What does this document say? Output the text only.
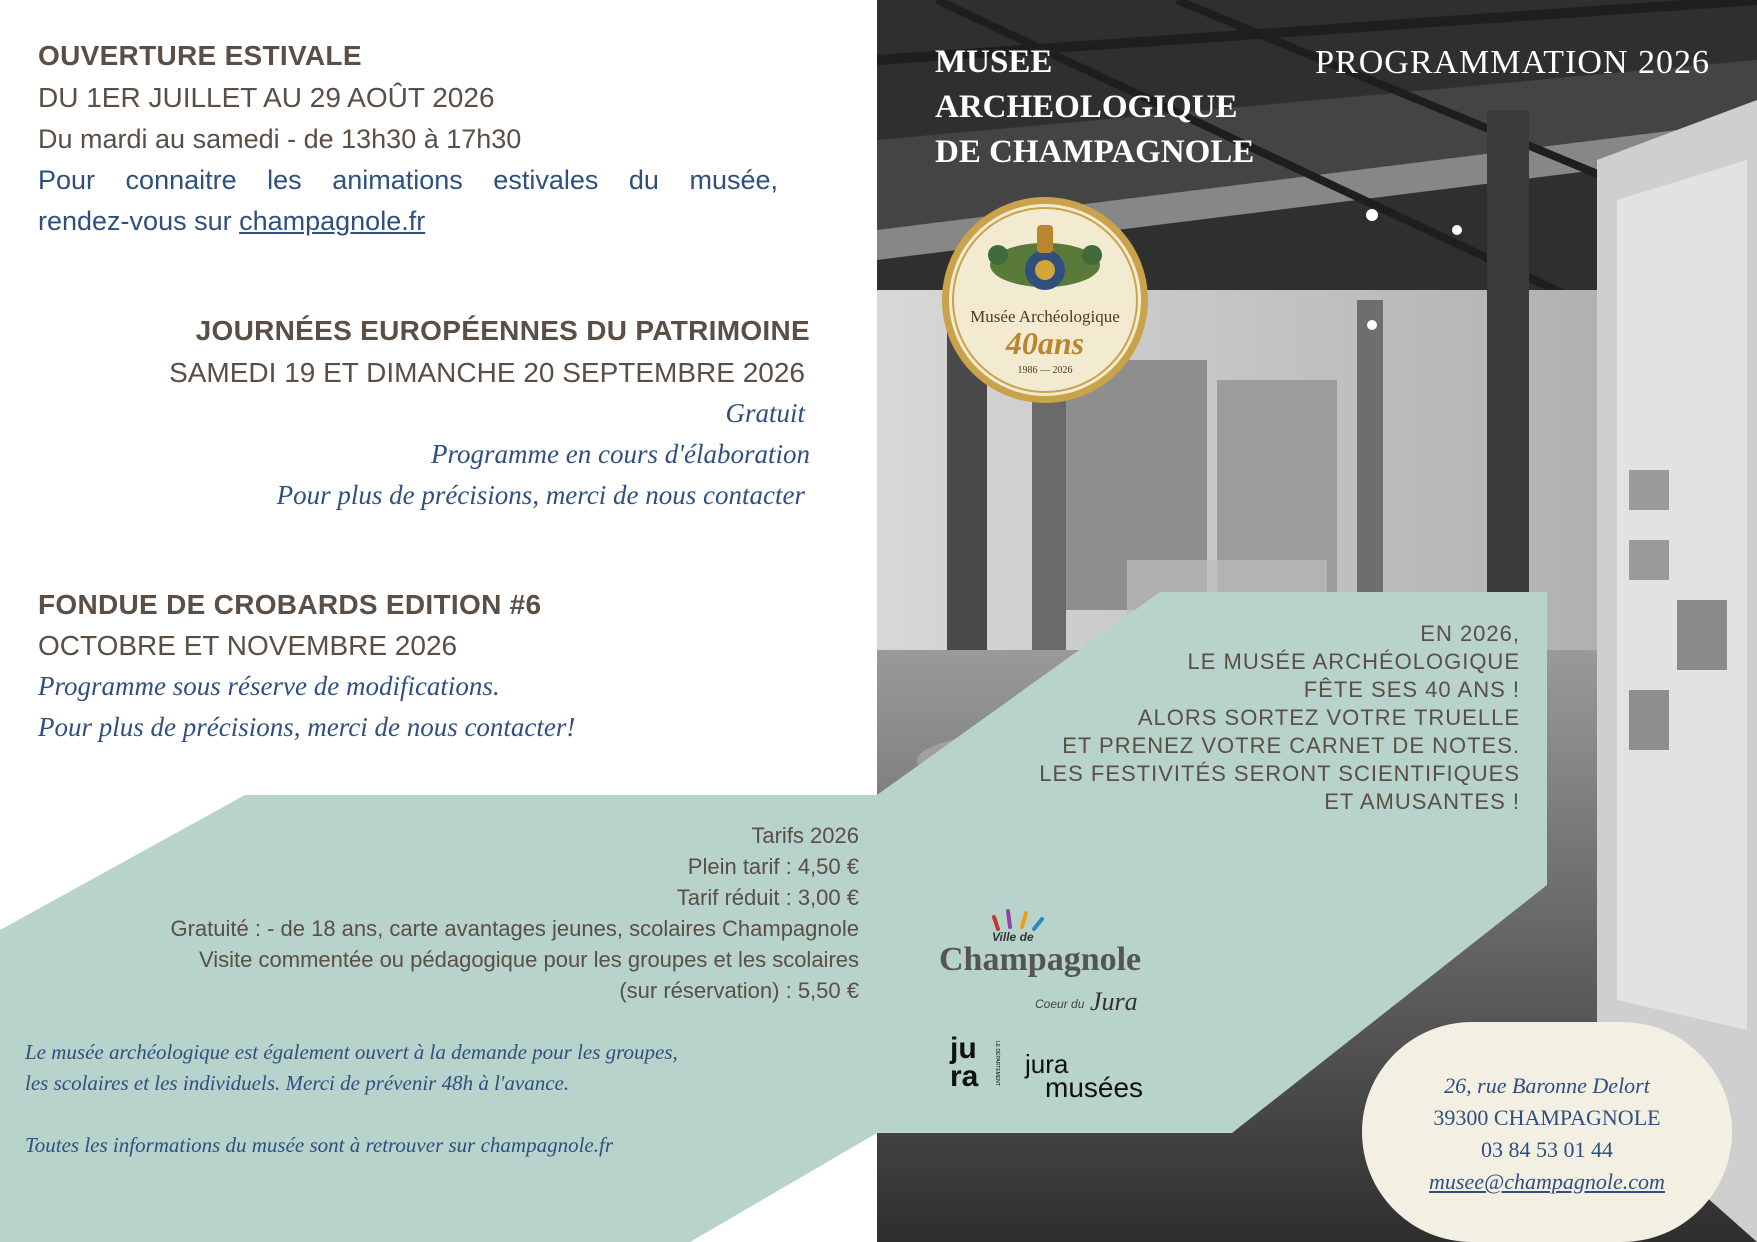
OUVERTURE ESTIVALE
DU 1ER JUILLET AU 29 AOÛT 2026
Du mardi au samedi - de 13h30 à 17h30
Pour connaitre les animations estivales du musée,
rendez-vous sur champagnole.fr
JOURNÉES EUROPÉENNES DU PATRIMOINE
SAMEDI 19 ET DIMANCHE 20 SEPTEMBRE 2026
Gratuit
Programme en cours d'élaboration
Pour plus de précisions, merci de nous contacter
FONDUE DE CROBARDS EDITION #6
OCTOBRE ET NOVEMBRE 2026
Programme sous réserve de modifications.
Pour plus de précisions, merci de nous contacter!
Tarifs 2026
Plein tarif : 4,50 €
Tarif réduit : 3,00 €
Gratuité : - de 18 ans, carte avantages jeunes, scolaires Champagnole
Visite commentée ou pédagogique pour les groupes et les scolaires
(sur réservation) : 5,50 €
Le musée archéologique est également ouvert à la demande pour les groupes,
les scolaires et les individuels. Merci de prévenir 48h à l'avance.
Toutes les informations du musée sont à retrouver sur champagnole.fr
MUSEE
ARCHEOLOGIQUE
DE CHAMPAGNOLE
PROGRAMMATION 2026
Musée Archéologique
40ans
1986 — 2026
EN 2026,
LE MUSÉE ARCHÉOLOGIQUE
FÊTE SES 40 ANS !
ALORS SORTEZ VOTRE TRUELLE
ET PRENEZ VOTRE CARNET DE NOTES.
LES FESTIVITÉS SERONT SCIENTIFIQUES
ET AMUSANTES !
Ville de
Champagnole
Coeur du Jura
ju
ra	LE DÉPARTEMENT jura
musées	26, rue Baronne Delort
39300 CHAMPAGNOLE
03 84 53 01 44
musee@champagnole.com
